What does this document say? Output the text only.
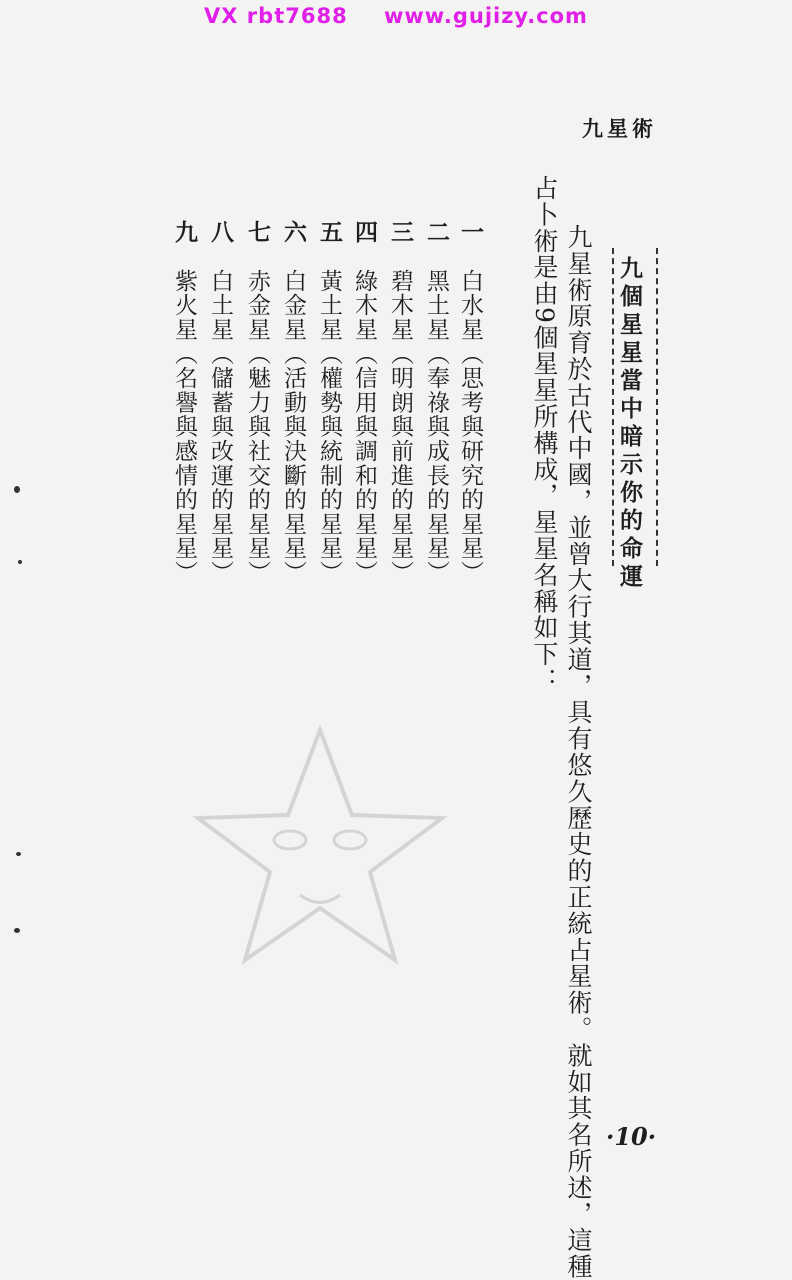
VX rbt7688 www.gujizy.com
九星術
九個星星當中暗示你的命運
九星術原育於古代中國，並曾大行其道，具有悠久歷史的正統占星術。就如其名所述，這種
占卜術是由9個星星所構成，星星名稱如下：
一　白水星（思考與研究的星星）
二　黑土星（奉祿與成長的星星）
三　碧木星（明朗與前進的星星）
四　綠木星（信用與調和的星星）
五　黃土星（權勢與統制的星星）
六　白金星（活動與決斷的星星）
七　赤金星（魅力與社交的星星）
八　白土星（儲蓄與改運的星星）
九　紫火星（名譽與感情的星星）
·10·
